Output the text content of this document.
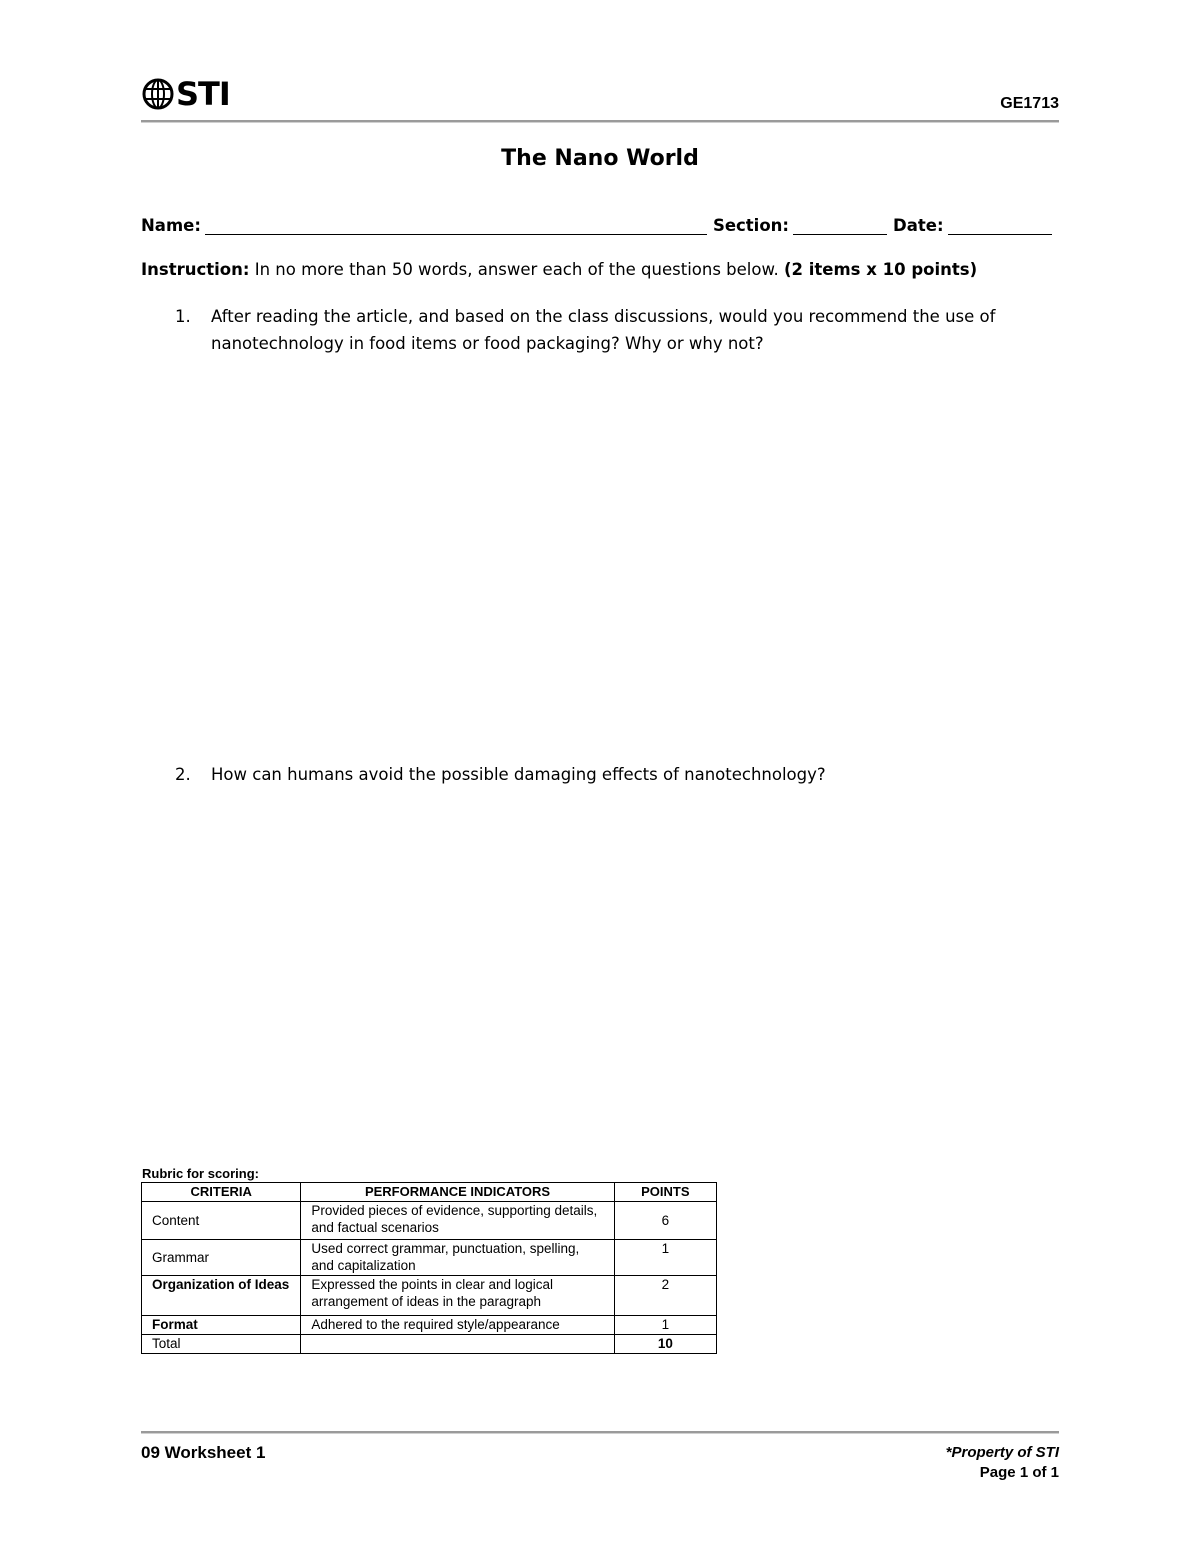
STI	GE1713
The Nano World
Name:	Section:	Date:
Instruction: In no more than 50 words, answer each of the questions below. (2 items x 10 points)
1.	After reading the article, and based on the class discussions, would you recommend the use of nanotechnology in food items or food packaging? Why or why not?
2.	How can humans avoid the possible damaging effects of nanotechnology?
Rubric for scoring:
CRITERIA	PERFORMANCE INDICATORS	POINTS
Content	Provided pieces of evidence, supporting details, and factual scenarios	6
Grammar	Used correct grammar, punctuation, spelling, and capitalization	1
Organization of Ideas	Expressed the points in clear and logical arrangement of ideas in the paragraph	2
Format	Adhered to the required style/appearance	1
Total		10
09 Worksheet 1	*Property of STI
Page 1 of 1
